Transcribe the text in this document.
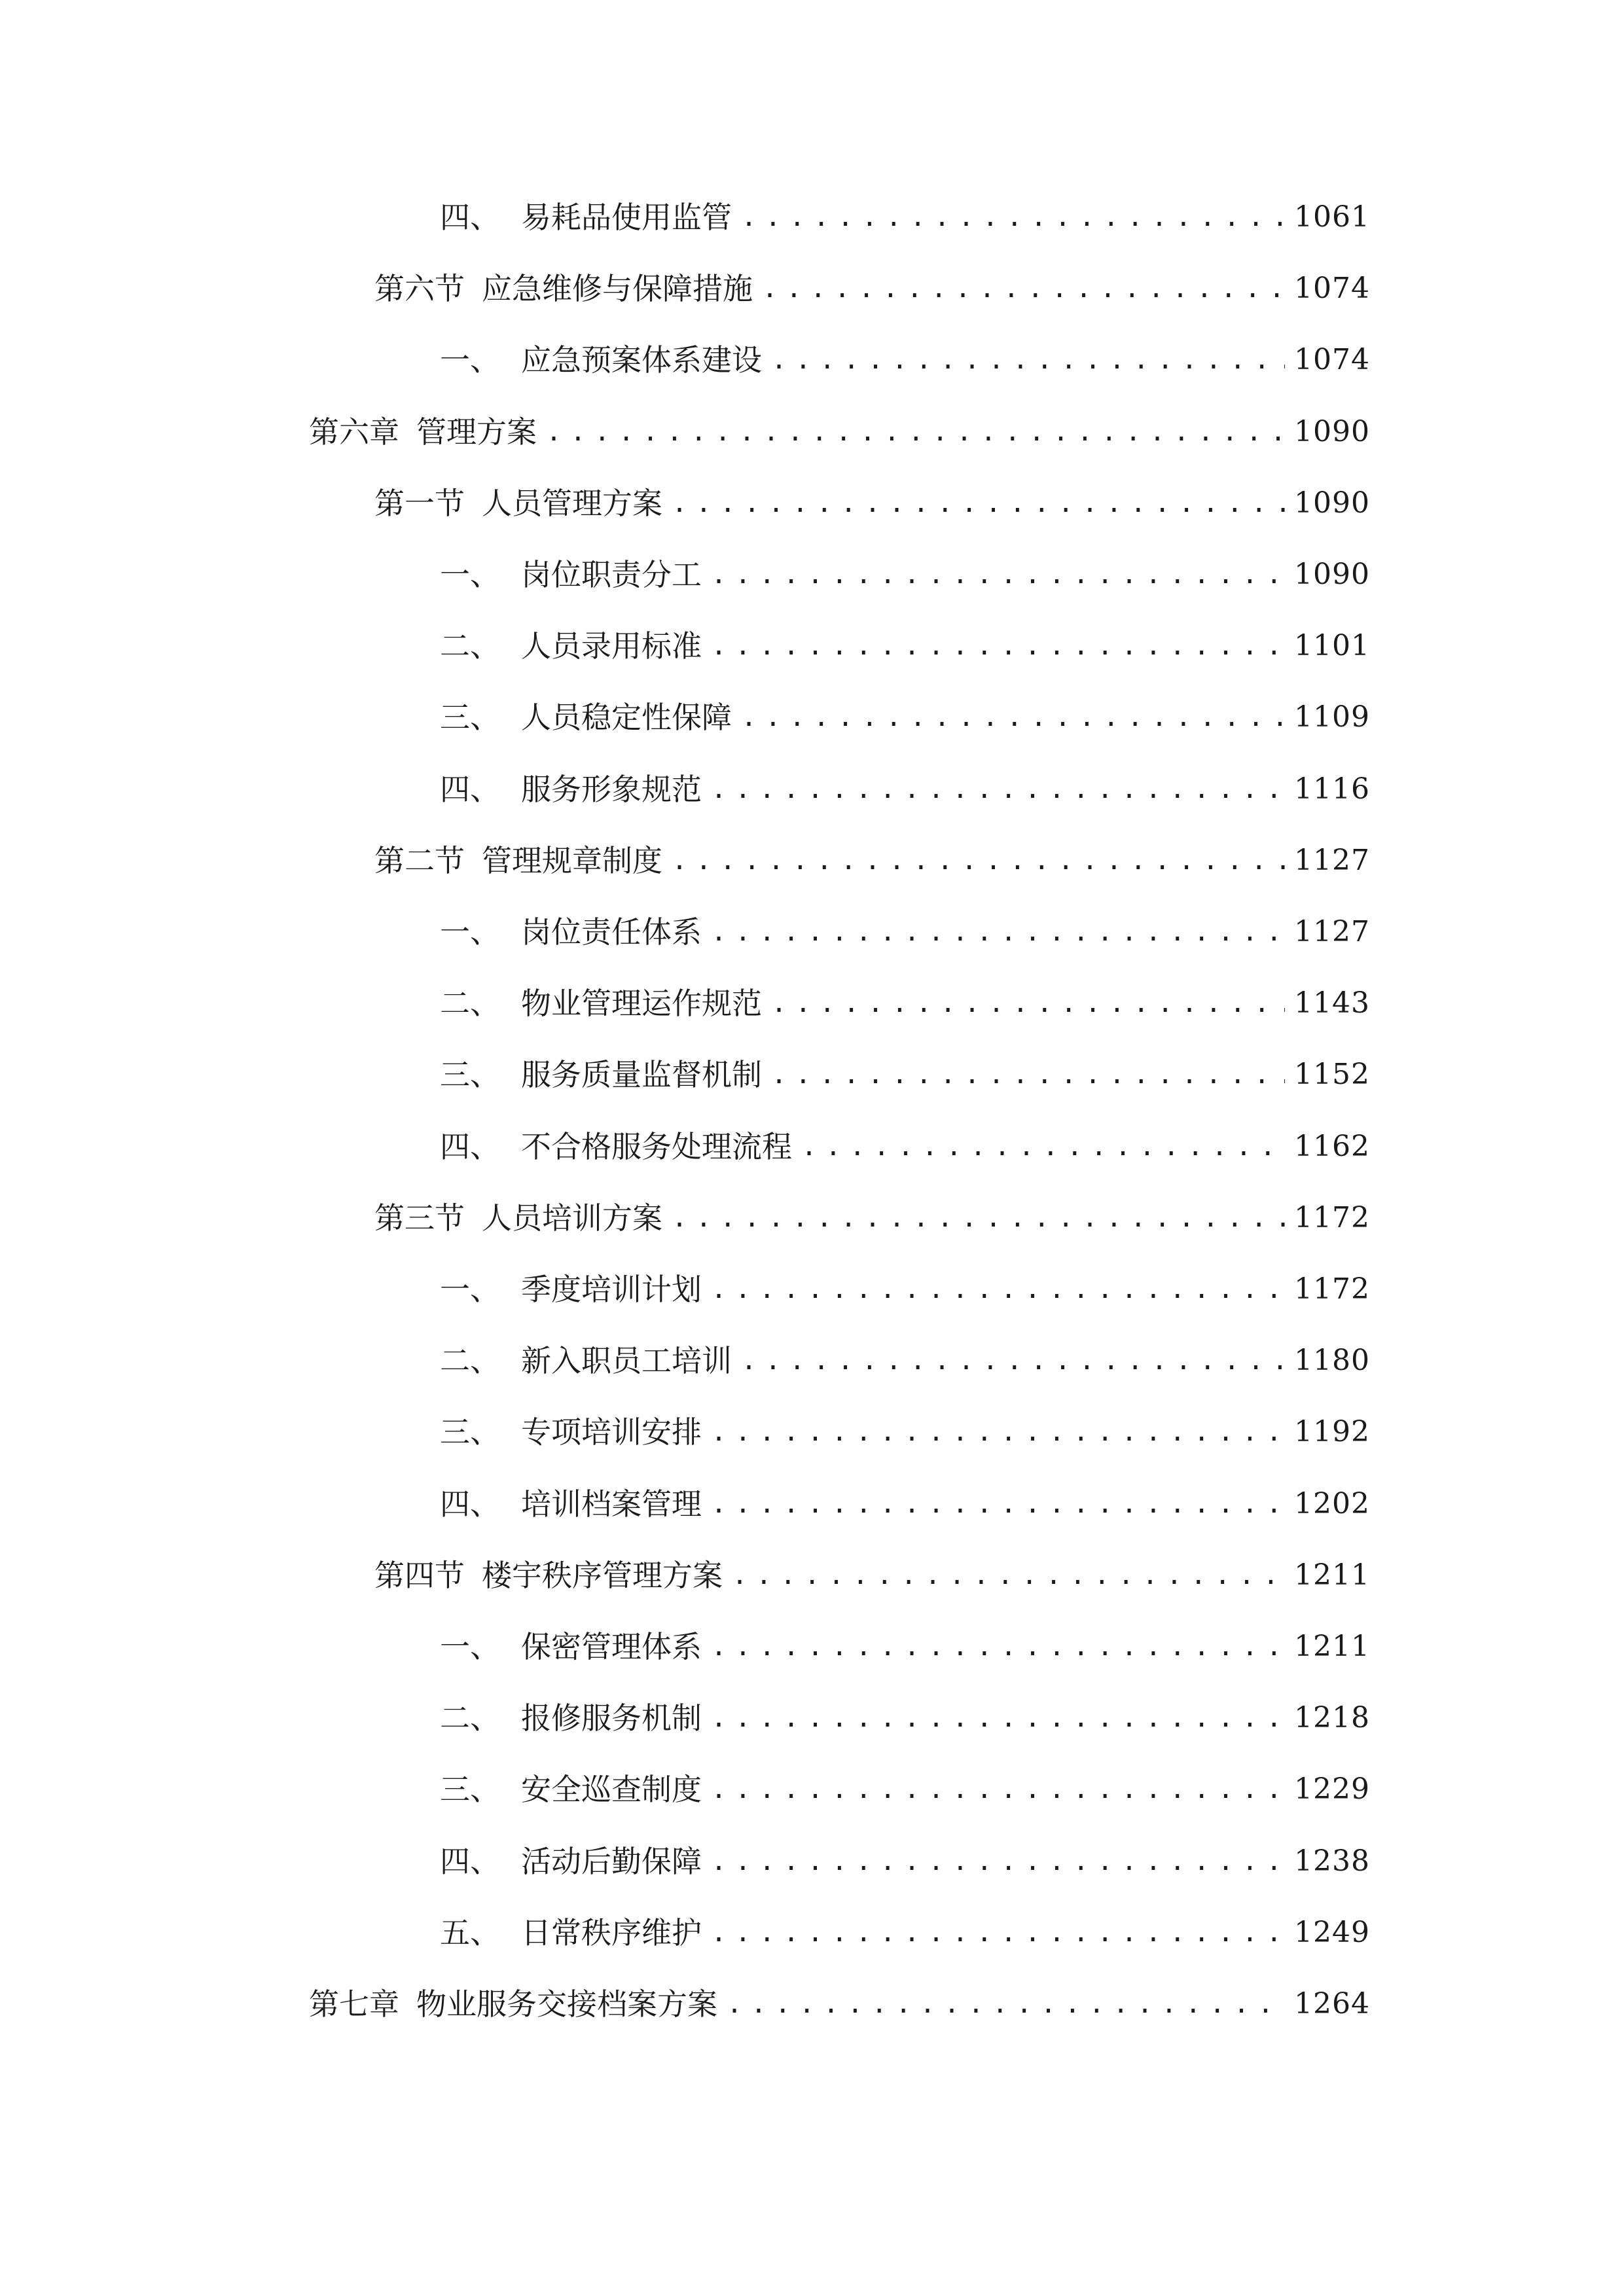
四、 易耗品使用监管 .....	1061
第六节 应急维修与保障措施 .....	1074
一、 应急预案体系建设 .....	1074
第六章 管理方案 .....	1090
第一节 人员管理方案 .....	1090
一、 岗位职责分工 .....	1090
二、 人员录用标准 .....	1101
三、 人员稳定性保障 .....	1109
四、 服务形象规范 .....	1116
第二节 管理规章制度 .....	1127
一、 岗位责任体系 .....	1127
二、 物业管理运作规范 .....	1143
三、 服务质量监督机制 .....	1152
四、 不合格服务处理流程 .....	1162
第三节 人员培训方案 .....	1172
一、 季度培训计划 .....	1172
二、 新入职员工培训 .....	1180
三、 专项培训安排 .....	1192
四、 培训档案管理 .....	1202
第四节 楼宇秩序管理方案 .....	1211
一、 保密管理体系 .....	1211
二、 报修服务机制 .....	1218
三、 安全巡查制度 .....	1229
四、 活动后勤保障 .....	1238
五、 日常秩序维护 .....	1249
第七章 物业服务交接档案方案 .....	1264
